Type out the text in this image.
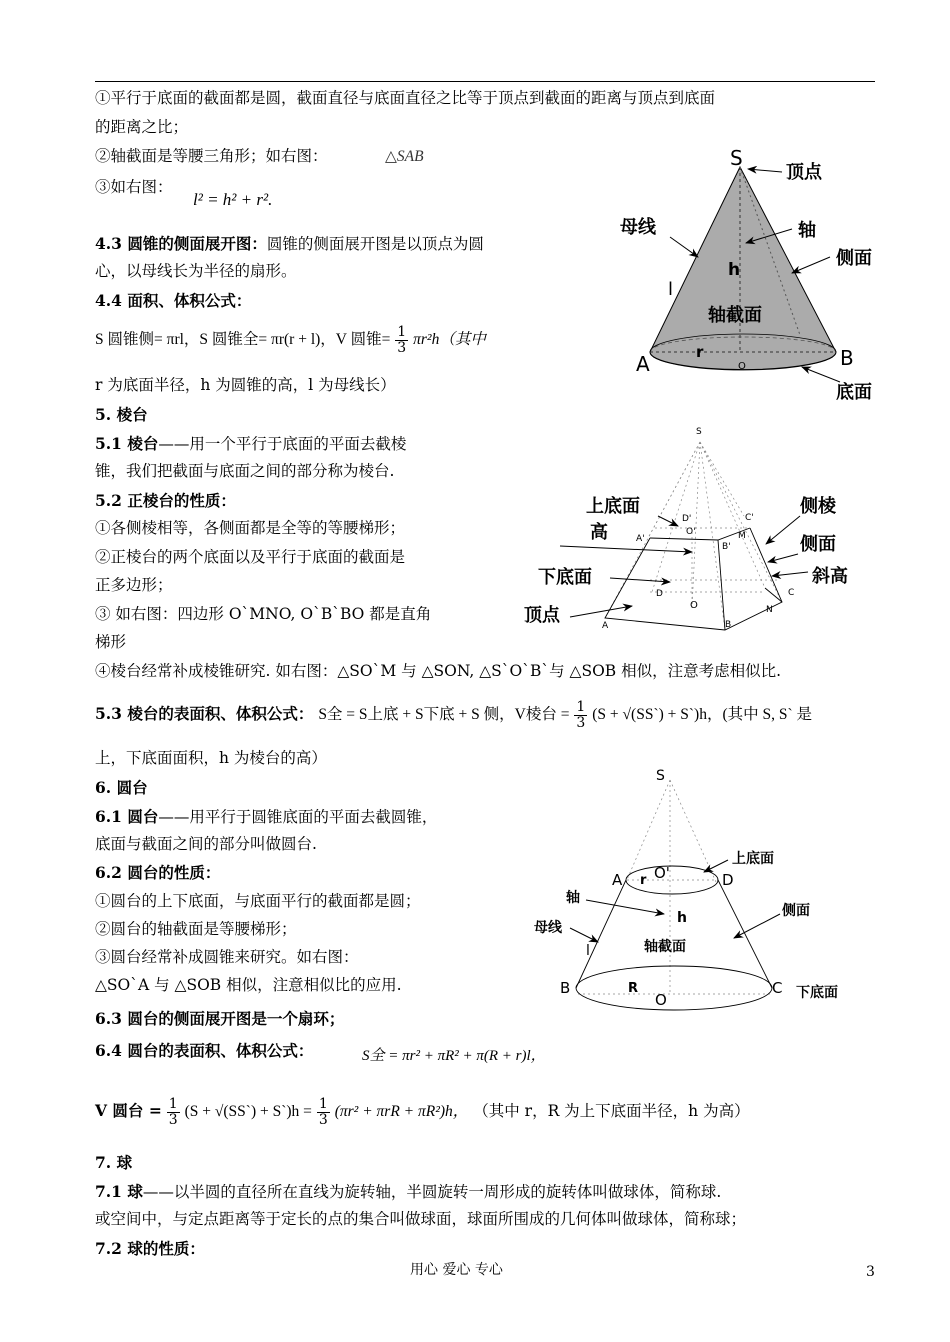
①平行于底面的截面都是圆，截面直径与底面直径之比等于顶点到截面的距离与顶点到底面
的距离之比；
②轴截面是等腰三角形；如右图：	△SAB
③如右图：
l² = h² + r².
4.3 圆锥的侧面展开图：圆锥的侧面展开图是以顶点为圆
心，以母线长为半径的扇形。
4.4 面积、体积公式：
S 圆锥侧= πrl，S 圆锥全= πr(r + l)，V 圆锥= $\frac{1}{3} \pi r^2h$（其中
r 为底面半径，h 为圆锥的高，l 为母线长）
5. 棱台
5.1 棱台——用一个平行于底面的平面去截棱
锥，我们把截面与底面之间的部分称为棱台.
5.2 正棱台的性质：
①各侧棱相等，各侧面都是全等的等腰梯形；
②正棱台的两个底面以及平行于底面的截面是
正多边形；
③ 如右图：四边形 O`MNO, O`B`BO 都是直角
梯形
④棱台经常补成棱锥研究. 如右图：△SO`M 与 △SON, △S`O`B`与 △SOB 相似，注意考虑相似比.
5.3 棱台的表面积、体积公式： S全 = S上底 + S下底 + S 侧，V棱台 = $\frac{1}{3} (S$ + √(SS`) + S`)h，(其中 S, S` 是
上，下底面面积，h 为棱台的高）
6. 圆台
6.1 圆台——用平行于圆锥底面的平面去截圆锥，
底面与截面之间的部分叫做圆台.
6.2 圆台的性质：
①圆台的上下底面，与底面平行的截面都是圆；
②圆台的轴截面是等腰梯形；
③圆台经常补成圆锥来研究。如右图：
△SO`A 与 △SOB 相似，注意相似比的应用.
6.3 圆台的侧面展开图是一个扇环；
6.4 圆台的表面积、体积公式：	S全 = πr² + πR² + π(R + r)l，
V 圆台 = $\frac{1}{3} (S$ + √(SS`) + S`)h = $\frac{1}{3} (\pi r^2 + \pi rR + \pi R^2)h$， （其中 r，R 为上下底面半径，h 为高）
7. 球
7.1 球——以半圆的直径所在直线为旋转轴，半圆旋转一周形成的旋转体叫做球体，简称球.
或空间中，与定点距离等于定长的点的集合叫做球面，球面所围成的几何体叫做球体，简称球；
7.2 球的性质：
用心 爱心 专心	3
S
A	B
O
h
l
r
轴截面
顶点
母线	轴
侧面
底面
S
A	B
C
D
N
O
A'
B'
C'
D'
O'	M
上底面
高
下底面
顶点
侧棱
侧面
斜高
S
A	D
B	C
O
O'
r
R
h
l	轴截面
上底面
轴
侧面
母线
下底面
